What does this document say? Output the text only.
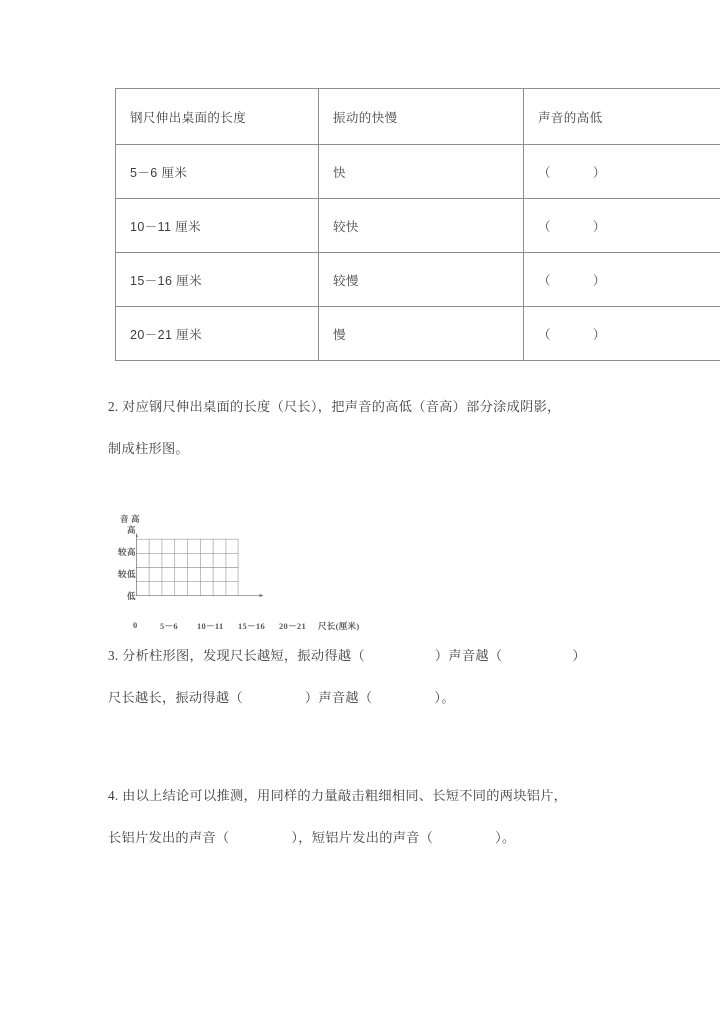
钢尺伸出桌面的长度	振动的快慢	声音的高低
5－6 厘米	快	（ ）
10－11 厘米	较快	（ ）
15－16 厘米	较慢	（ ）
20－21 厘米	慢	（ ）
2. 对应钢尺伸出桌面的长度（尺长），把声音的高低（音高）部分涂成阴影，
制成柱形图。
音高
高
较高
较低
低
0	5－6 10－11 15－16 20－21 尺长(厘米)
3. 分析柱形图，发现尺长越短，振动得越（	）声音越（	）
尺长越长，振动得越（	）声音越（	）。
4. 由以上结论可以推测，用同样的力量敲击粗细相同、长短不同的两块铝片，
长铝片发出的声音（	），短铝片发出的声音（	）。
